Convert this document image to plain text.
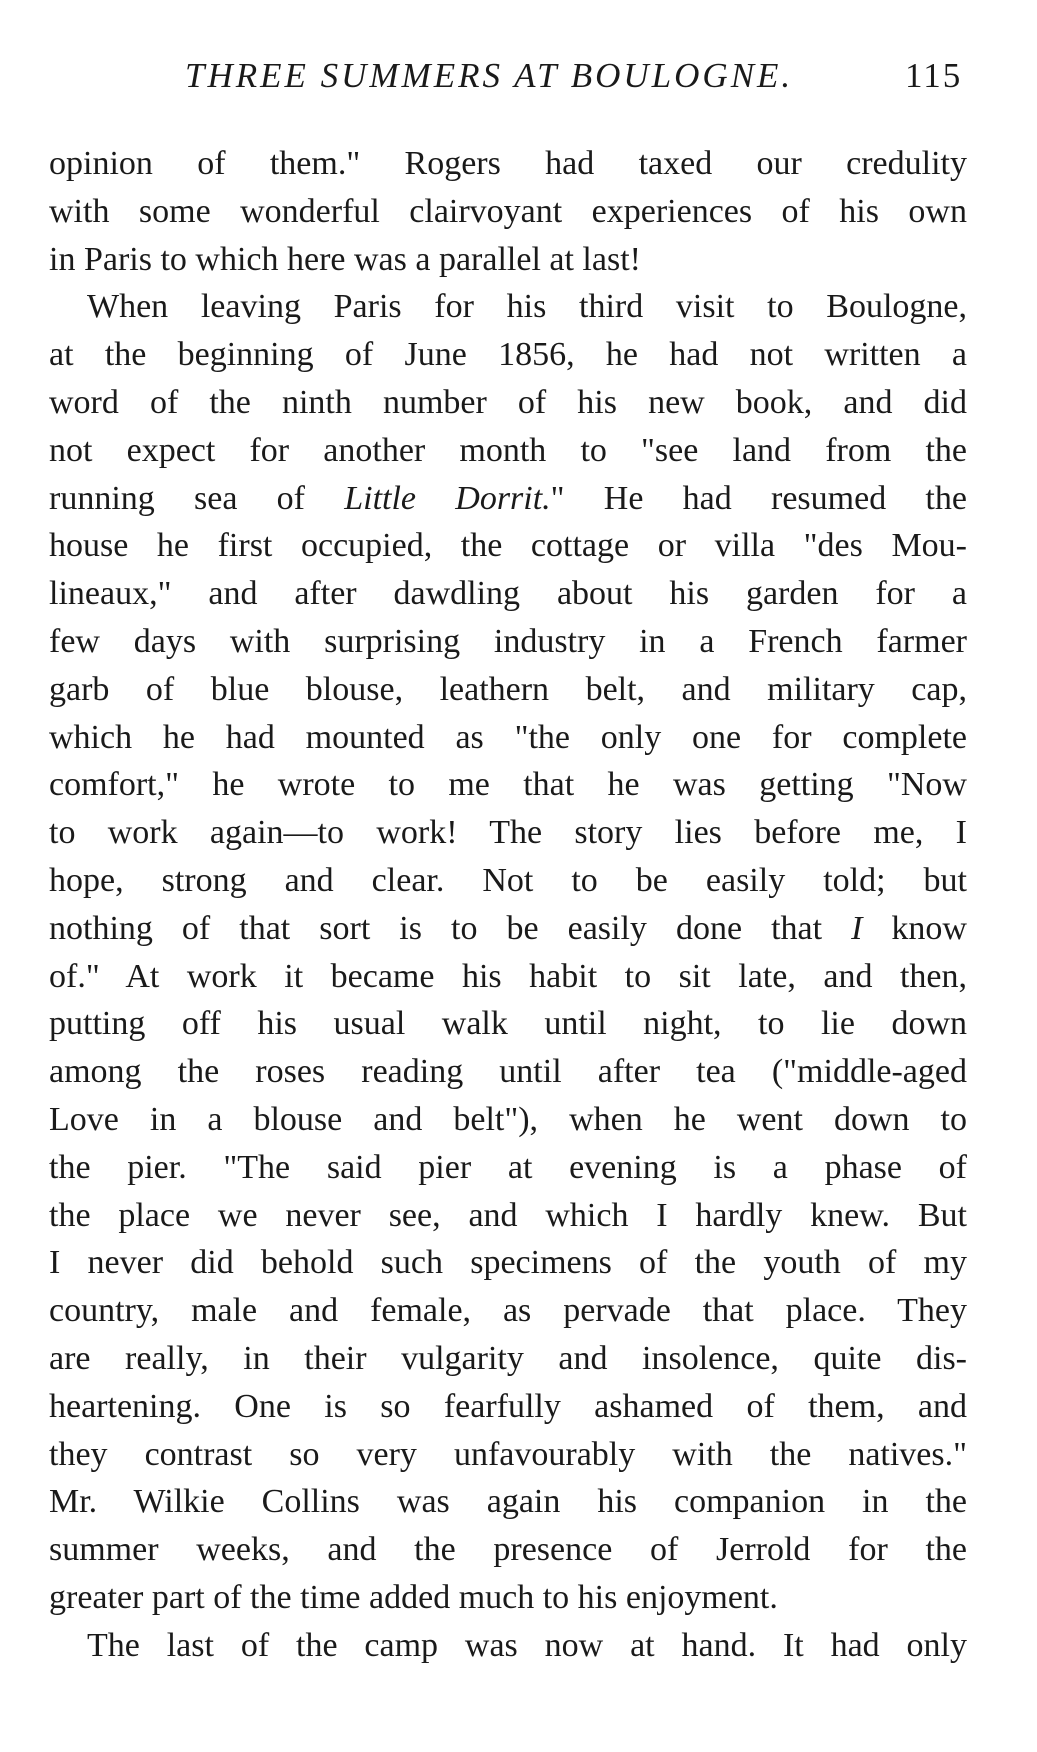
THREE SUMMERS AT BOULOGNE.	115
opinion of them." Rogers had taxed our credulity
with some wonderful clairvoyant experiences of his own
in Paris to which here was a parallel at last!
When leaving Paris for his third visit to Boulogne,
at the beginning of June 1856, he had not written a
word of the ninth number of his new book, and did
not expect for another month to "see land from the
running sea of Little Dorrit." He had resumed the
house he first occupied, the cottage or villa "des Mou-
lineaux," and after dawdling about his garden for a
few days with surprising industry in a French farmer
garb of blue blouse, leathern belt, and military cap,
which he had mounted as "the only one for complete
comfort," he wrote to me that he was getting "Now
to work again—to work! The story lies before me, I
hope, strong and clear. Not to be easily told; but
nothing of that sort is to be easily done that I know
of." At work it became his habit to sit late, and then,
putting off his usual walk until night, to lie down
among the roses reading until after tea ("middle-aged
Love in a blouse and belt"), when he went down to
the pier. "The said pier at evening is a phase of
the place we never see, and which I hardly knew. But
I never did behold such specimens of the youth of my
country, male and female, as pervade that place. They
are really, in their vulgarity and insolence, quite dis-
heartening. One is so fearfully ashamed of them, and
they contrast so very unfavourably with the natives."
Mr. Wilkie Collins was again his companion in the
summer weeks, and the presence of Jerrold for the
greater part of the time added much to his enjoyment.
The last of the camp was now at hand. It had only
